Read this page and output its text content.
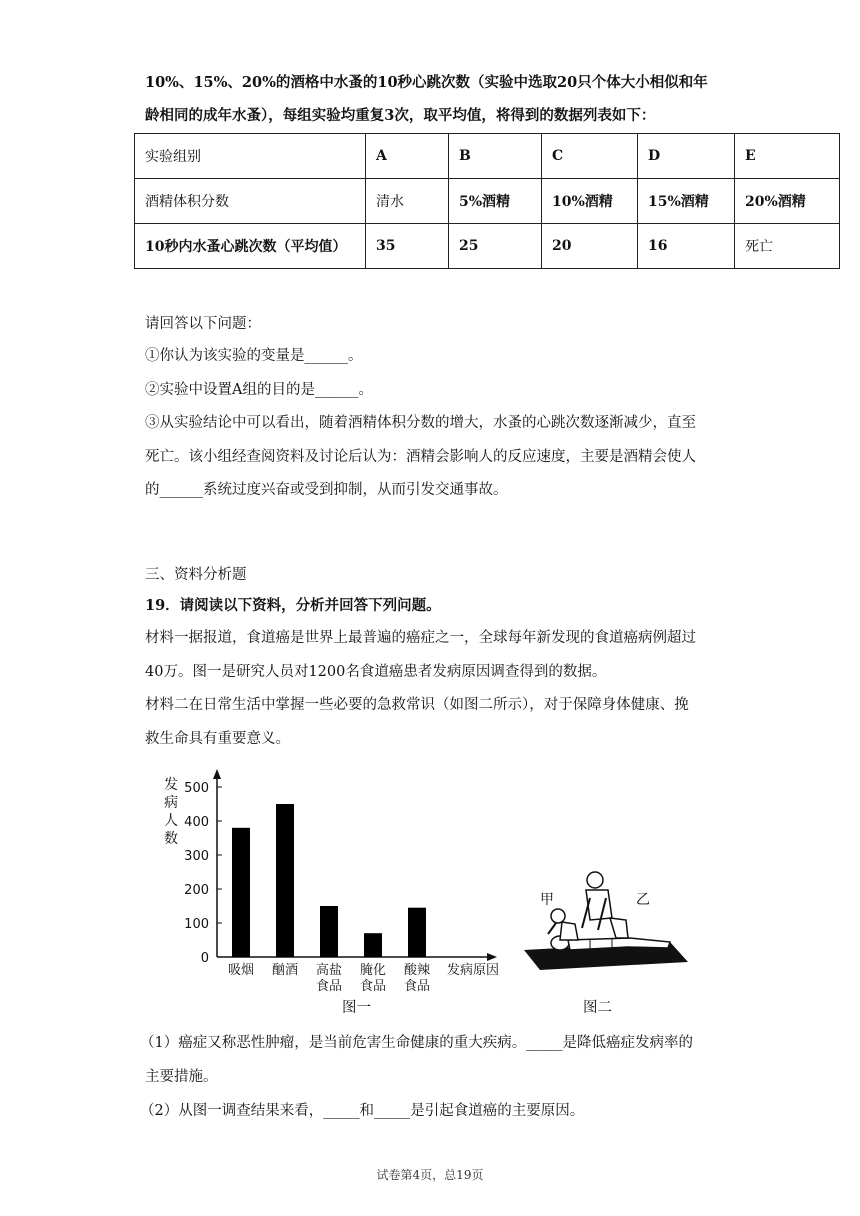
10%、15%、20%的酒格中水蚤的10秒心跳次数（实验中选取20只个体大小相似和年
龄相同的成年水蚤），每组实验均重复3次，取平均值，将得到的数据列表如下：
实验组别	A	B	C	D	E
酒精体积分数	清水	5%酒精	10%酒精	15%酒精	20%酒精
10秒内水蚤心跳次数（平均值）	35	25	20	16	死亡
请回答以下问题：
①你认为该实验的变量是______。
②实验中设置A组的目的是______。
③从实验结论中可以看出，随着酒精体积分数的增大，水蚤的心跳次数逐渐减少，直至
死亡。该小组经查阅资料及讨论后认为：酒精会影响人的反应速度，主要是酒精会使人
的______系统过度兴奋或受到抑制，从而引发交通事故。
三、资料分析题
19．请阅读以下资料，分析并回答下列问题。
材料一据报道，食道癌是世界上最普遍的癌症之一，全球每年新发现的食道癌病例超过
40万。图一是研究人员对1200名食道癌患者发病原因调查得到的数据。
材料二在日常生活中掌握一些必要的急救常识（如图二所示），对于保障身体健康、挽
救生命具有重要意义。
0
100
200
300
400
500
发
病
人
数
吸烟 酗酒 高盐
食品
腌化
食品
酸辣
食品
发病原因
图一
甲	乙
图二
（1）癌症又称恶性肿瘤，是当前危害生命健康的重大疾病。_____是降低癌症发病率的
主要措施。
（2）从图一调查结果来看，_____和_____是引起食道癌的主要原因。
试卷第4页，总19页
